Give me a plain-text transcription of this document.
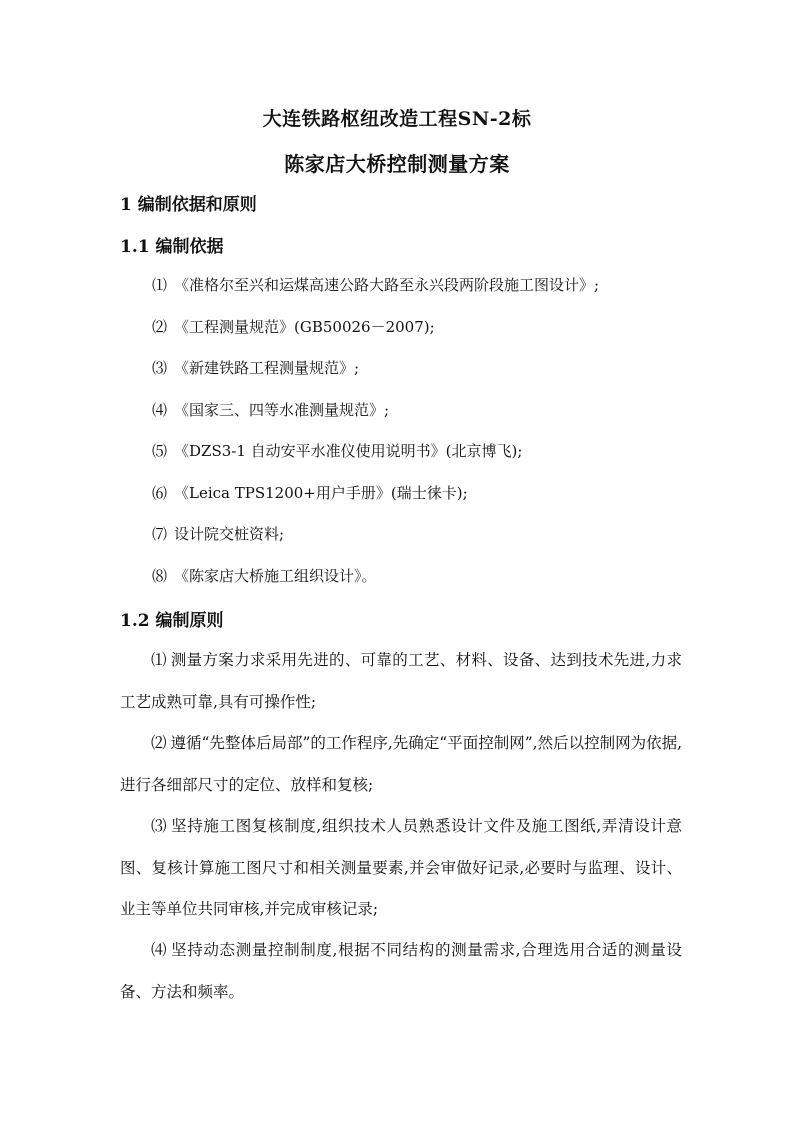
大连铁路枢纽改造工程SN-2标
陈家店大桥控制测量方案
1 编制依据和原则
1.1 编制依据
⑴ 《准格尔至兴和运煤高速公路大路至永兴段两阶段施工图设计》;
⑵ 《工程测量规范》(GB50026－2007);
⑶ 《新建铁路工程测量规范》;
⑷ 《国家三、四等水准测量规范》;
⑸ 《DZS3-1 自动安平水准仪使用说明书》(北京博飞);
⑹ 《Leica TPS1200+用户手册》(瑞士徕卡);
⑺ 设计院交桩资料;
⑻ 《陈家店大桥施工组织设计》。
1.2 编制原则

⑴ 测量方案力求采用先进的、可靠的工艺、材料、设备、达到技术先进,力求工艺成熟可靠,具有可操作性;

⑵ 遵循“先整体后局部”的工作程序,先确定“平面控制网”,然后以控制网为依据,进行各细部尺寸的定位、放样和复核;

⑶ 坚持施工图复核制度,组织技术人员熟悉设计文件及施工图纸,弄清设计意图、复核计算施工图尺寸和相关测量要素,并会审做好记录,必要时与监理、设计、业主等单位共同审核,并完成审核记录;

⑷ 坚持动态测量控制制度,根据不同结构的测量需求,合理选用合适的测量设备、方法和频率。
